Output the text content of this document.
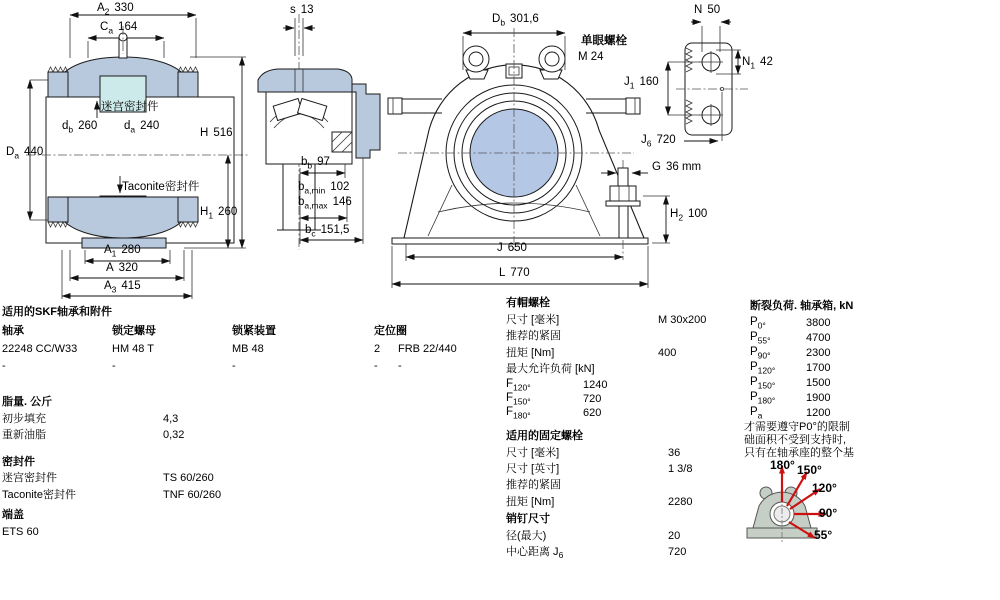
$A_2$ 330
$C_a$ 164
迷宫密封件
$d_b$ 260 $d_a$ 240
$D_a$ 440
H 516
Taconite密封件
$H_1$ 260
$A_1$ 280
A 320
$A_3$ 415
s 13
$b_b$ 97
$b_{a,min}$ 102
$b_{a,max}$ 146
$b_c$ 151,5
$D_b$ 301,6
单眼螺栓
M 24
J 650
L 770
$H_2$ 100
G 36 mm
N 50
$N_1$ 42
$J_1$ 160
$J_6$ 720
适用的SKF轴承和附件
轴承	锁定螺母	锁紧装置	定位圈
22248 CC/W33	HM 48 T	MB 48	2 FRB 22/440
-	-	-	- -
脂量. 公斤
初步填充	4,3
重新油脂	0,32
密封件
迷宫密封件	TS 60/260
Taconite密封件	TNF 60/260
端盖
ETS 60
有帽螺栓
尺寸 [毫米]	M 30x200
推荐的紧固
扭矩 [Nm]	400
最大允许负荷 [kN]
$F_{120^\circ}$	1240
$F_{150^\circ}$	720
$F_{180^\circ}$	620
适用的固定螺栓
尺寸 [毫米]	36
尺寸 [英寸]	1 3/8
推荐的紧固
扭矩 [Nm]	2280
销钉尺寸
径(最大)	20
中心距离 $J_6$	720
断裂负荷. 轴承箱, kN
$P_{0^\circ}$	3800
$P_{55^\circ}$	4700
$P_{90^\circ}$	2300
$P_{120^\circ}$	1700
$P_{150^\circ}$	1500
$P_{180^\circ}$	1900
$P_a$	1200
才需要遵守P0°的限制
础面积不受到支持时,
只有在轴承座的整个基
180° 150°
120°
90°
55°
